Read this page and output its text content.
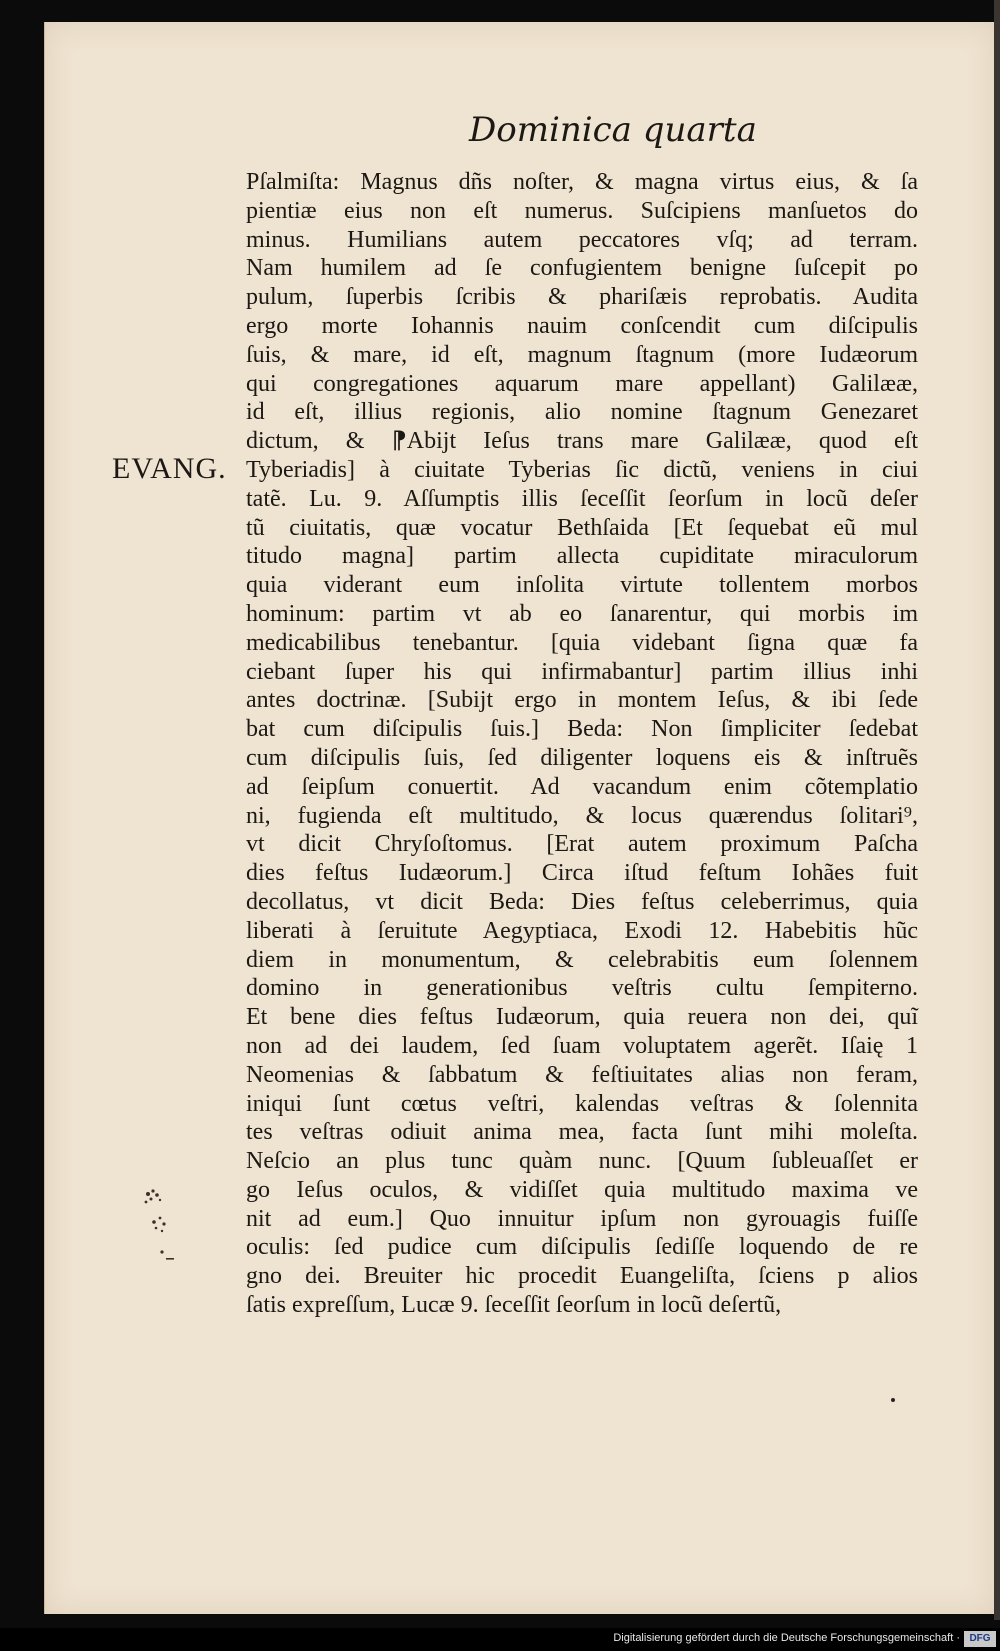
Dominica quarta
Pſalmiſta: Magnus dñs noſter, & magna virtus eius, & ſa
pientiæ eius non eſt numerus. Suſcipiens manſuetos do
minus. Humilians autem peccatores vſq; ad terram.
Nam humilem ad ſe confugientem benigne ſuſcepit po
pulum, ſuperbis ſcribis & phariſæis reprobatis. Audita
ergo morte Iohannis nauim conſcendit cum diſcipulis
ſuis, & mare, id eſt, magnum ſtagnum (more Iudæorum
qui congregationes aquarum mare appellant) Galilææ,
id eſt, illius regionis, alio nomine ſtagnum Genezaret
dictum, & ⁋Abijt Ieſus trans mare Galilææ, quod eſt
Tyberiadis] à ciuitate Tyberias ſic dictũ, veniens in ciui
tatẽ. Lu. 9. Aſſumptis illis ſeceſſit ſeorſum in locũ deſer
tũ ciuitatis, quæ vocatur Bethſaida [Et ſequebat eũ mul
titudo magna] partim allecta cupiditate miraculorum
quia viderant eum inſolita virtute tollentem morbos
hominum: partim vt ab eo ſanarentur, qui morbis im
medicabilibus tenebantur. [quia videbant ſigna quæ fa
ciebant ſuper his qui infirmabantur] partim illius inhi
antes doctrinæ. [Subijt ergo in montem Ieſus, & ibi ſede
bat cum diſcipulis ſuis.] Beda: Non ſimpliciter ſedebat
cum diſcipulis ſuis, ſed diligenter loquens eis & inſtruẽs
ad ſeipſum conuertit. Ad vacandum enim cõtemplatio
ni, fugienda eſt multitudo, & locus quærendus ſolitari⁹,
vt dicit Chryſoſtomus. [Erat autem proximum Paſcha
dies feſtus Iudæorum.] Circa iſtud feſtum Iohães fuit
decollatus, vt dicit Beda: Dies feſtus celeberrimus, quia
liberati à ſeruitute Aegyptiaca, Exodi 12. Habebitis hũc
diem in monumentum, & celebrabitis eum ſolennem
domino in generationibus veſtris cultu ſempiterno.
Et bene dies feſtus Iudæorum, quia reuera non dei, quĩ
non ad dei laudem, ſed ſuam voluptatem agerẽt. Iſaię 1
Neomenias & ſabbatum & feſtiuitates alias non feram,
iniqui ſunt cœtus veſtri, kalendas veſtras & ſolennita
tes veſtras odiuit anima mea, facta ſunt mihi moleſta.
Neſcio an plus tunc quàm nunc. [Quum ſubleuaſſet er
go Ieſus oculos, & vidiſſet quia multitudo maxima ve
nit ad eum.] Quo innuitur ipſum non gyrouagis fuiſſe
oculis: ſed pudice cum diſcipulis ſediſſe loquendo de re
gno dei. Breuiter hic procedit Euangeliſta, ſciens p alios
ſatis expreſſum, Lucæ 9. ſeceſſit ſeorſum in locũ deſertũ,
EVANG.
Digitalisierung gefördert durch die Deutsche Forschungsgemeinschaft · DFG
